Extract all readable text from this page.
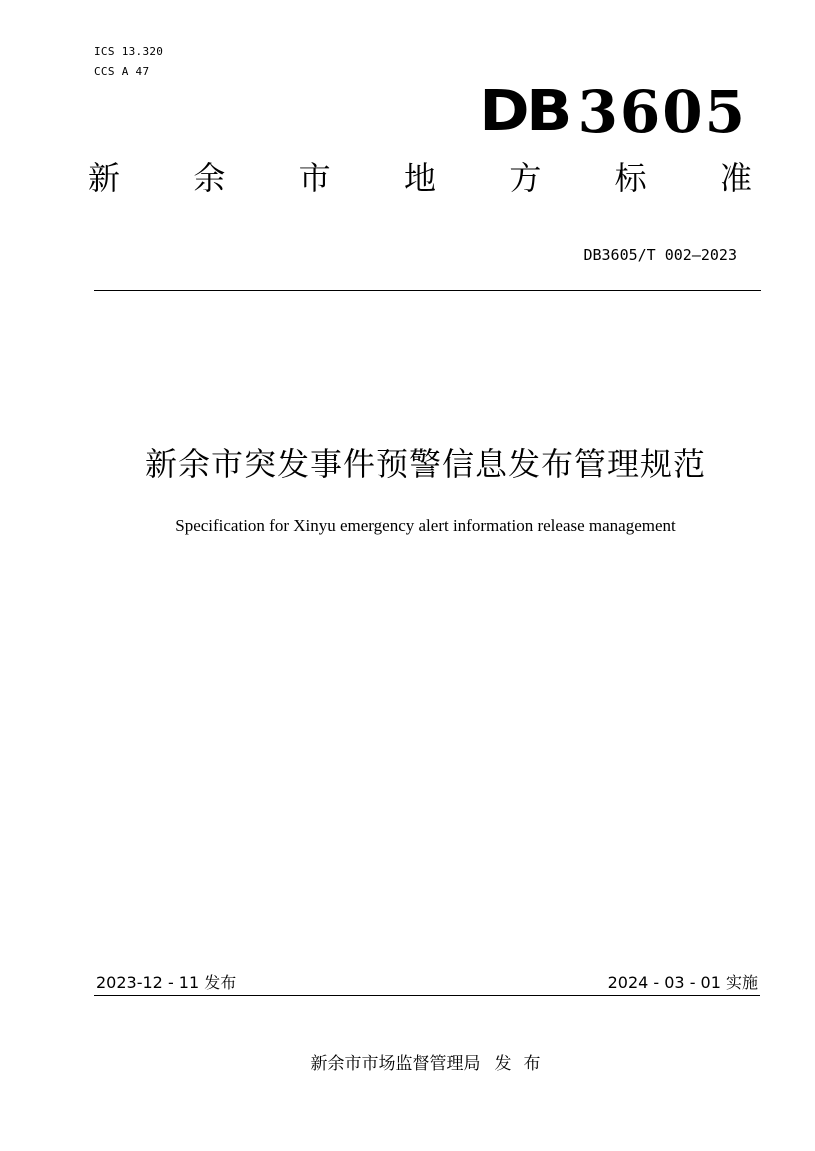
ICS 13.320
CCS A 47
DB 3605
新 余 市 地 方 标 准
DB3605/T 002—2023
新余市突发事件预警信息发布管理规范
Specification for Xinyu emergency alert information release management
2023-12 - 11 发布	2024 - 03 - 01 实施
新余市市场监督管理局 发布
